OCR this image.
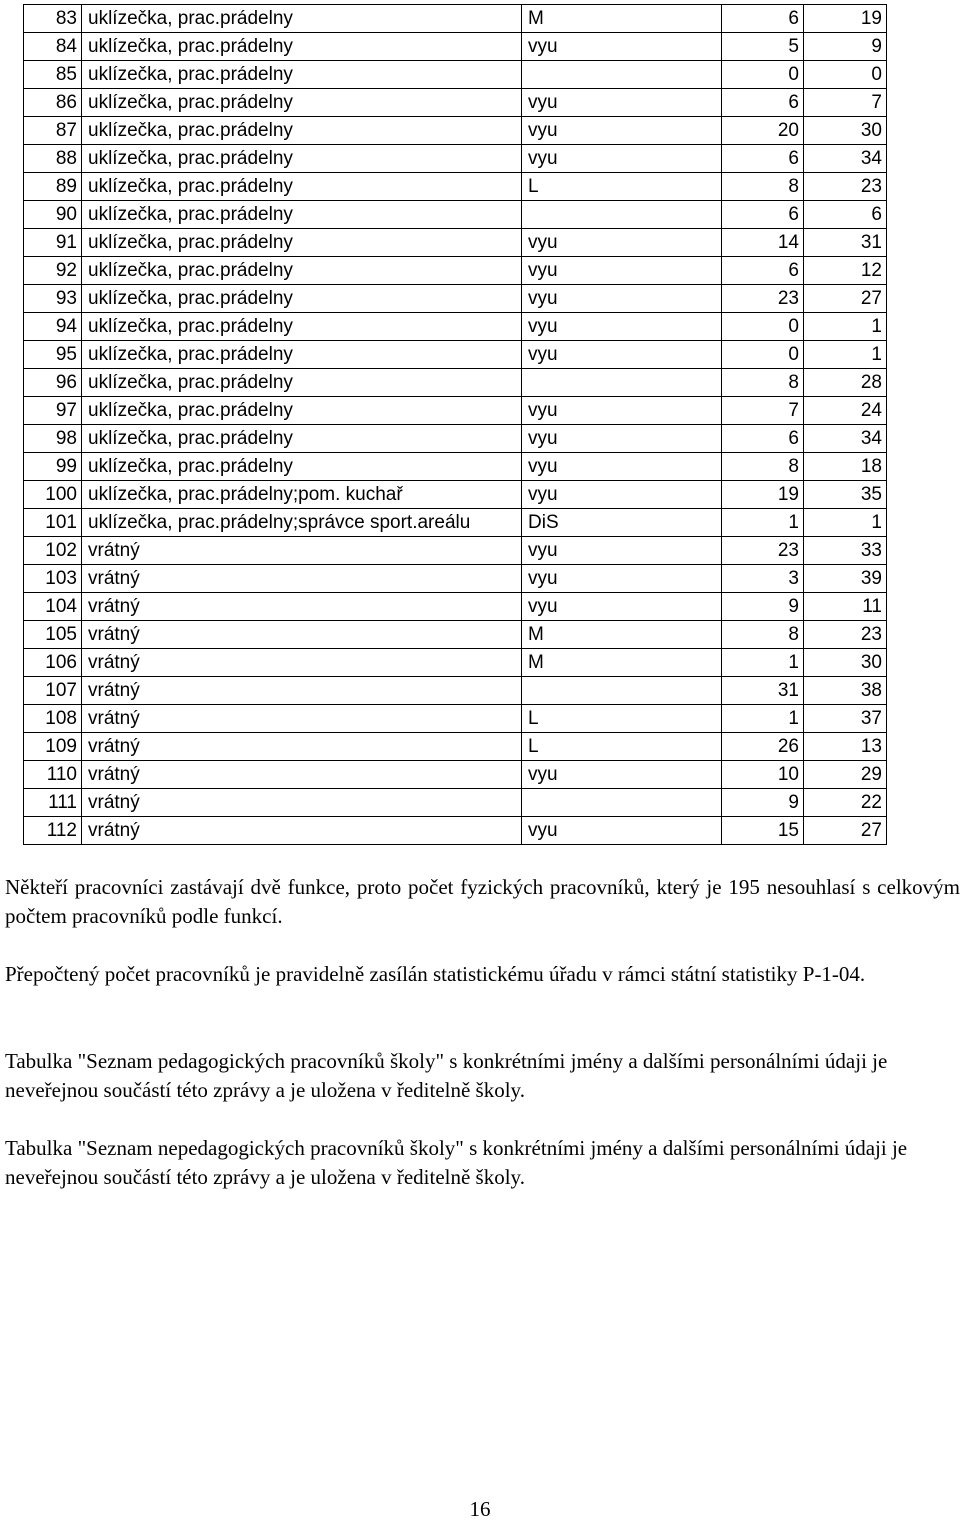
83	uklízečka, prac.prádelny	M	6	19
84	uklízečka, prac.prádelny	vyu	5	9
85	uklízečka, prac.prádelny		0	0
86	uklízečka, prac.prádelny	vyu	6	7
87	uklízečka, prac.prádelny	vyu	20	30
88	uklízečka, prac.prádelny	vyu	6	34
89	uklízečka, prac.prádelny	L	8	23
90	uklízečka, prac.prádelny		6	6
91	uklízečka, prac.prádelny	vyu	14	31
92	uklízečka, prac.prádelny	vyu	6	12
93	uklízečka, prac.prádelny	vyu	23	27
94	uklízečka, prac.prádelny	vyu	0	1
95	uklízečka, prac.prádelny	vyu	0	1
96	uklízečka, prac.prádelny		8	28
97	uklízečka, prac.prádelny	vyu	7	24
98	uklízečka, prac.prádelny	vyu	6	34
99	uklízečka, prac.prádelny	vyu	8	18
100	uklízečka, prac.prádelny;pom. kuchař	vyu	19	35
101	uklízečka, prac.prádelny;správce sport.areálu	DiS	1	1
102	vrátný	vyu	23	33
103	vrátný	vyu	3	39
104	vrátný	vyu	9	11
105	vrátný	M	8	23
106	vrátný	M	1	30
107	vrátný		31	38
108	vrátný	L	1	37
109	vrátný	L	26	13
110	vrátný	vyu	10	29
111	vrátný		9	22
112	vrátný	vyu	15	27

Někteří pracovníci zastávají dvě funkce, proto počet fyzických pracovníků, který je 195 nesouhlasí s celkovým počtem pracovníků podle funkcí.

Přepočtený počet pracovníků je pravidelně zasílán statistickému úřadu v rámci státní statistiky P-1-04.

Tabulka "Seznam pedagogických pracovníků školy" s konkrétními jmény a dalšími personálními údaji je neveřejnou součástí této zprávy a je uložena v ředitelně školy.

Tabulka "Seznam nepedagogických pracovníků školy" s konkrétními jmény a dalšími personálními údaji je neveřejnou součástí této zprávy a je uložena v ředitelně školy.

16
